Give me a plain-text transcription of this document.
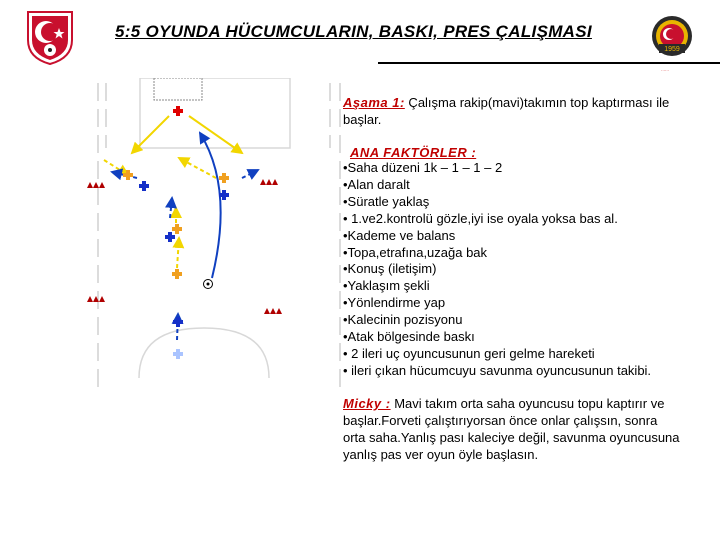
1959
······
5:5 OYUNDA HÜCUMCULARIN, BASKI, PRES ÇALIŞMASI
Aşama 1: Çalışma rakip(mavi)takımın top kaptırması ile başlar.
ANA FAKTÖRLER :
•Saha düzeni 1k – 1 – 1 – 2
•Alan daralt
•Süratle yaklaş
• 1.ve2.kontrolü gözle,iyi ise oyala yoksa bas al.
•Kademe ve balans
•Topa,etrafına,uzağa bak
•Konuş (iletişim)
•Yaklaşım şekli
•Yönlendirme yap
•Kalecinin pozisyonu
•Atak bölgesinde baskı
• 2 ileri uç oyuncusunun geri gelme hareketi
• ileri çıkan hücumcuyu savunma oyuncusunun takibi.
Micky : Mavi takım orta saha oyuncusu topu kaptırır ve başlar.Forveti çalıştırıyorsan önce onlar çalışsın, sonra orta saha.Yanlış pası kaleciye değil, savunma oyuncusuna yanlış pas ver oyun öyle başlasın.
